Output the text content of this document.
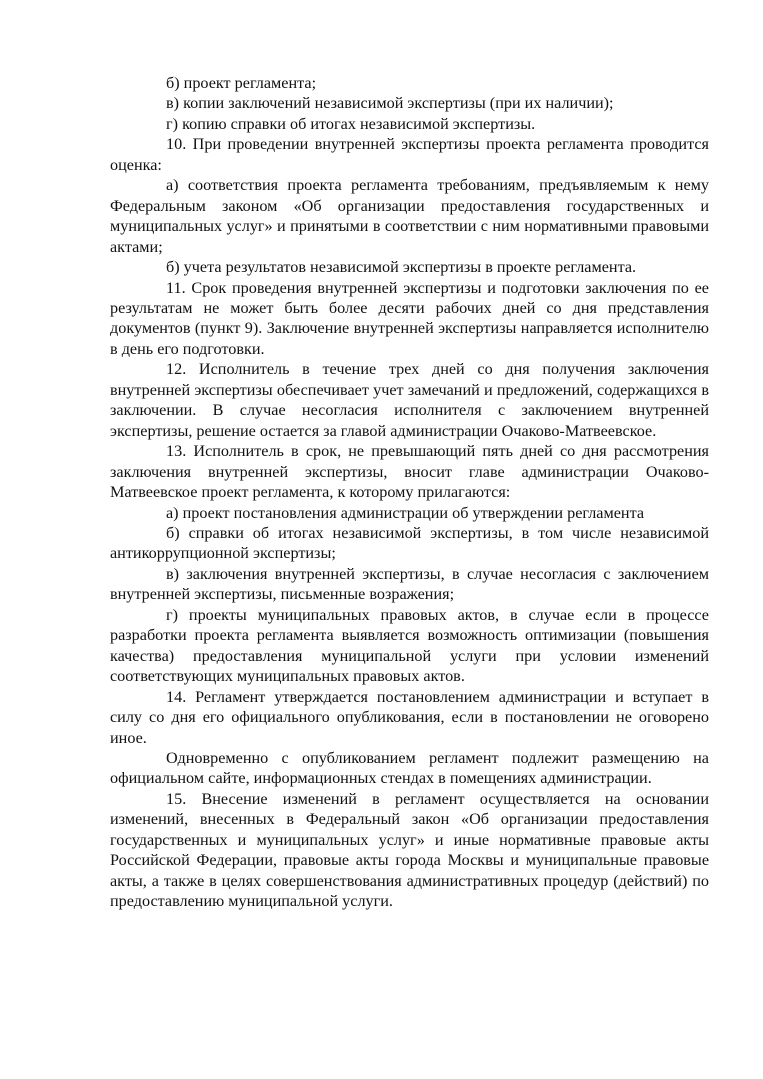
б) проект регламента;

в) копии заключений независимой экспертизы (при их наличии);

г) копию справки об итогах независимой экспертизы.

10. При проведении внутренней экспертизы проекта регламента проводится оценка:

а) соответствия проекта регламента требованиям, предъявляемым к нему Федеральным законом «Об организации предоставления государственных и муниципальных услуг» и принятыми в соответствии с ним нормативными правовыми актами;

б) учета результатов независимой экспертизы в проекте регламента.

11. Срок проведения внутренней экспертизы и подготовки заключения по ее результатам не может быть более десяти рабочих дней со дня представления документов (пункт 9). Заключение внутренней экспертизы направляется исполнителю в день его подготовки.

12. Исполнитель в течение трех дней со дня получения заключения внутренней экспертизы обеспечивает учет замечаний и предложений, содержащихся в заключении. В случае несогласия исполнителя с заключением внутренней экспертизы, решение остается за главой администрации Очаково-Матвеевское.

13. Исполнитель в срок, не превышающий пять дней со дня рассмотрения заключения внутренней экспертизы, вносит главе администрации Очаково-Матвеевское проект регламента, к которому прилагаются:

а) проект постановления администрации об утверждении регламента

б) справки об итогах независимой экспертизы, в том числе независимой антикоррупционной экспертизы;

в) заключения внутренней экспертизы, в случае несогласия с заключением внутренней экспертизы, письменные возражения;

г) проекты муниципальных правовых актов, в случае если в процессе разработки проекта регламента выявляется возможность оптимизации (повышения качества) предоставления муниципальной услуги при условии изменений соответствующих муниципальных правовых актов.

14. Регламент утверждается постановлением администрации и вступает в силу со дня его официального опубликования, если в постановлении не оговорено иное.

Одновременно с опубликованием регламент подлежит размещению на официальном сайте, информационных стендах в помещениях администрации.

15. Внесение изменений в регламент осуществляется на основании изменений, внесенных в Федеральный закон «Об организации предоставления государственных и муниципальных услуг» и иные нормативные правовые акты Российской Федерации, правовые акты города Москвы и муниципальные правовые акты, а также в целях совершенствования административных процедур (действий) по предоставлению муниципальной услуги.
